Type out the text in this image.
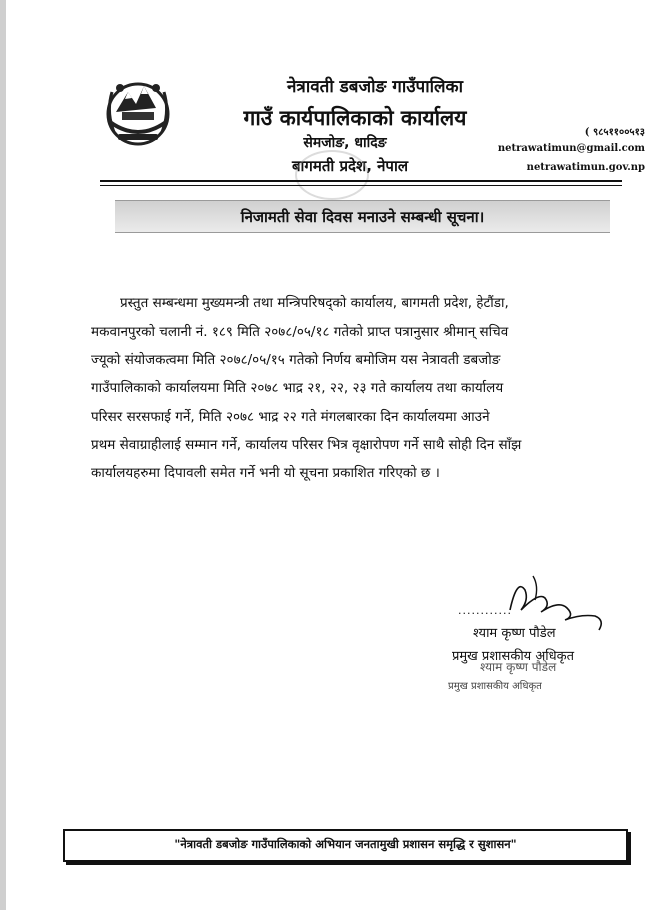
नेत्रावती डबजोङ गाउँपालिका
गाउँ कार्यपालिकाको कार्यालय
सेमजोङ, धादिङ
बागमती प्रदेश, नेपाल
( ९८५११००५१३
netrawatimun@gmail.com
netrawatimun.gov.np
निजामती सेवा दिवस मनाउने सम्बन्धी सूचना।
प्रस्तुत सम्बन्धमा मुख्यमन्त्री तथा मन्त्रिपरिषद्को कार्यालय, बागमती प्रदेश, हेटौंडा,
मकवानपुरको चलानी नं. १८९ मिति २०७८/०५/१८ गतेको प्राप्त पत्रानुसार श्रीमान् सचिव
ज्यूको संयोजकत्वमा मिति २०७८/०५/१५ गतेको निर्णय बमोजिम यस नेत्रावती डबजोङ
गाउँपालिकाको कार्यालयमा मिति २०७८ भाद्र २१, २२, २३ गते कार्यालय तथा कार्यालय
परिसर सरसफाई गर्ने, मिति २०७८ भाद्र २२ गते मंगलबारका दिन कार्यालयमा आउने
प्रथम सेवाग्राहीलाई सम्मान गर्ने, कार्यालय परिसर भित्र वृक्षारोपण गर्ने साथै सोही दिन साँझ
कार्यालयहरुमा दिपावली समेत गर्ने भनी यो सूचना प्रकाशित गरिएको छ ।
............
श्याम कृष्ण पौडेल
प्रमुख प्रशासकीय अधिकृत
श्याम कृष्ण पौडेल
प्रमुख प्रशासकीय अधिकृत
"नेत्रावती डबजोङ गाउँपालिकाको अभियान जनतामुखी प्रशासन समृद्धि र सुशासन"
